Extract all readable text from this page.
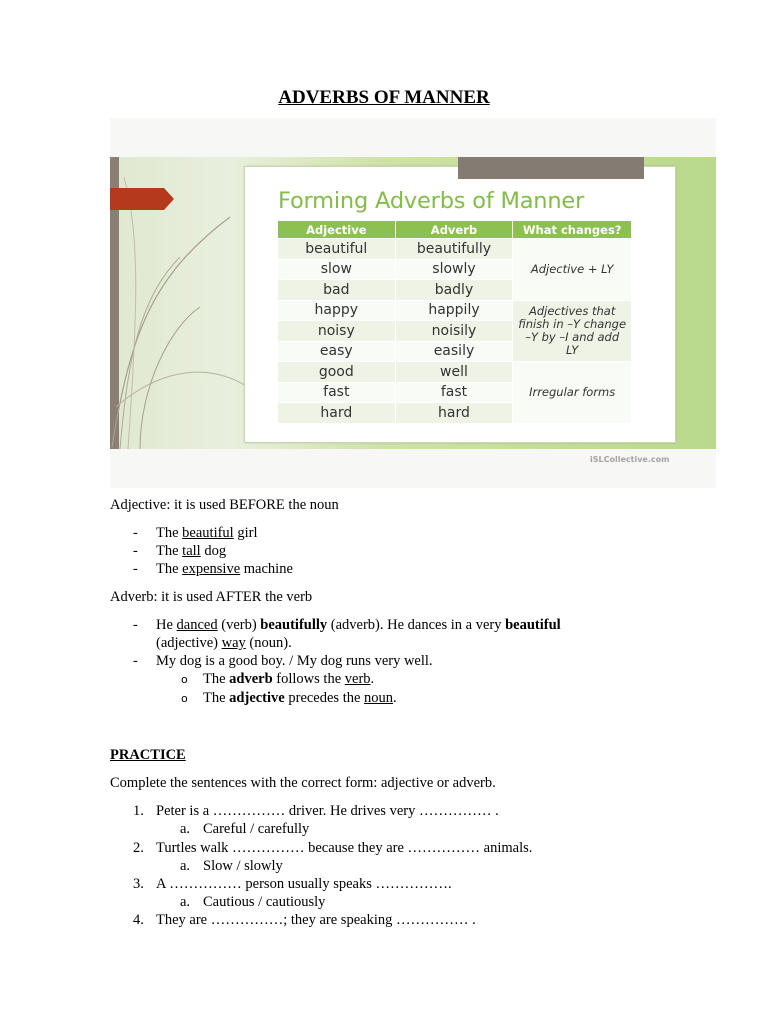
ADVERBS OF MANNER
Forming Adverbs of Manner
Adjective	Adverb	What changes?
beautiful	beautifully	Adjective + LY
slow	slowly	
bad	badly	
happy	happily	Adjectives that finish in –Y change –Y by –I and add LY
noisy	noisily	
easy	easily	
good	well	Irregular forms
fast	fast	
hard	hard	
iSLCollective.com
Adjective: it is used BEFORE the noun
- The beautiful girl
- The tall dog
- The expensive machine
Adverb: it is used AFTER the verb
- He danced (verb) beautifully (adverb). He dances in a very beautiful
(adjective) way (noun).
- My dog is a good boy. / My dog runs very well.
o The adverb follows the verb.
o The adjective precedes the noun.
PRACTICE
Complete the sentences with the correct form: adjective or adverb.
1. Peter is a …………… driver. He drives very …………… .
a. Careful / carefully
2. Turtles walk …………… because they are …………… animals.
a. Slow / slowly
3. A …………… person usually speaks …………….
a. Cautious / cautiously
4. They are ……………; they are speaking …………… .
